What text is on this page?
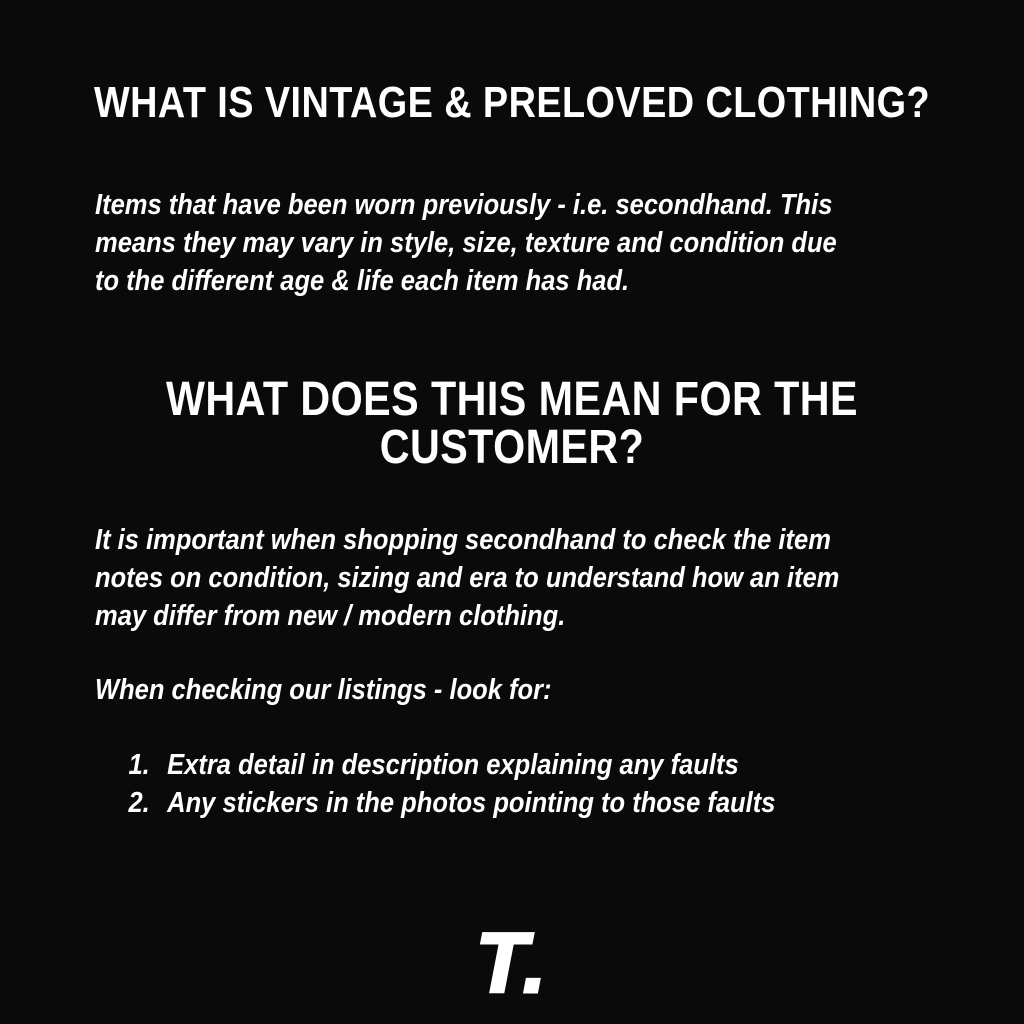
WHAT IS VINTAGE & PRELOVED CLOTHING?
Items that have been worn previously - i.e. secondhand. This
means they may vary in style, size, texture and condition due
to the different age & life each item has had.
WHAT DOES THIS MEAN FOR THE
CUSTOMER?
It is important when shopping secondhand to check the item
notes on condition, sizing and era to understand how an item
may differ from new / modern clothing.
When checking our listings - look for:
1. Extra detail in description explaining any faults
2. Any stickers in the photos pointing to those faults
T.
